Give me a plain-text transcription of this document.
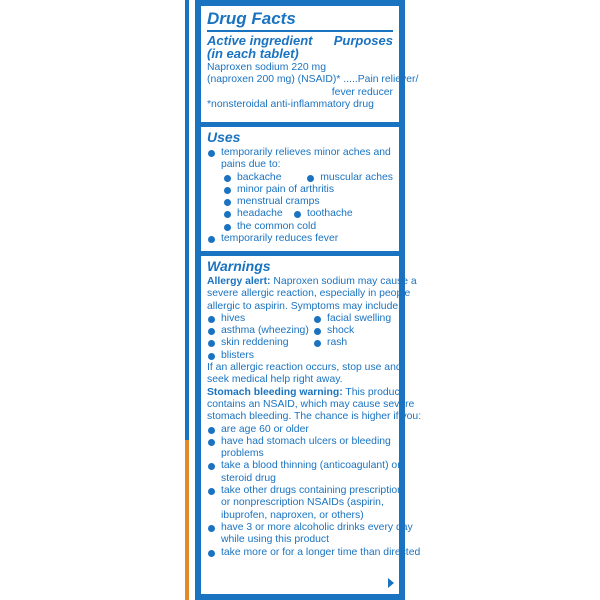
Drug Facts
Active ingredient
(in each tablet)
Purposes
Naproxen sodium 220 mg
(naproxen 200 mg) (NSAID)* ..... Pain reliever/
fever reducer
*nonsteroidal anti-inflammatory drug
Uses
temporarily relieves minor aches and
pains due to:
backache	muscular aches
minor pain of arthritis
menstrual cramps
headache	toothache
the common cold
temporarily reduces fever
Warnings
Allergy alert: Naproxen sodium may cause a
severe allergic reaction, especially in people
allergic to aspirin. Symptoms may include:
hives	facial swelling
asthma (wheezing)	shock
skin reddening	rash
blisters
If an allergic reaction occurs, stop use and
seek medical help right away.
Stomach bleeding warning: This product
contains an NSAID, which may cause severe
stomach bleeding. The chance is higher if you:
are age 60 or older
have had stomach ulcers or bleeding
problems
take a blood thinning (anticoagulant) or
steroid drug
take other drugs containing prescription
or nonprescription NSAIDs (aspirin,
ibuprofen, naproxen, or others)
have 3 or more alcoholic drinks every day
while using this product
take more or for a longer time than directed
